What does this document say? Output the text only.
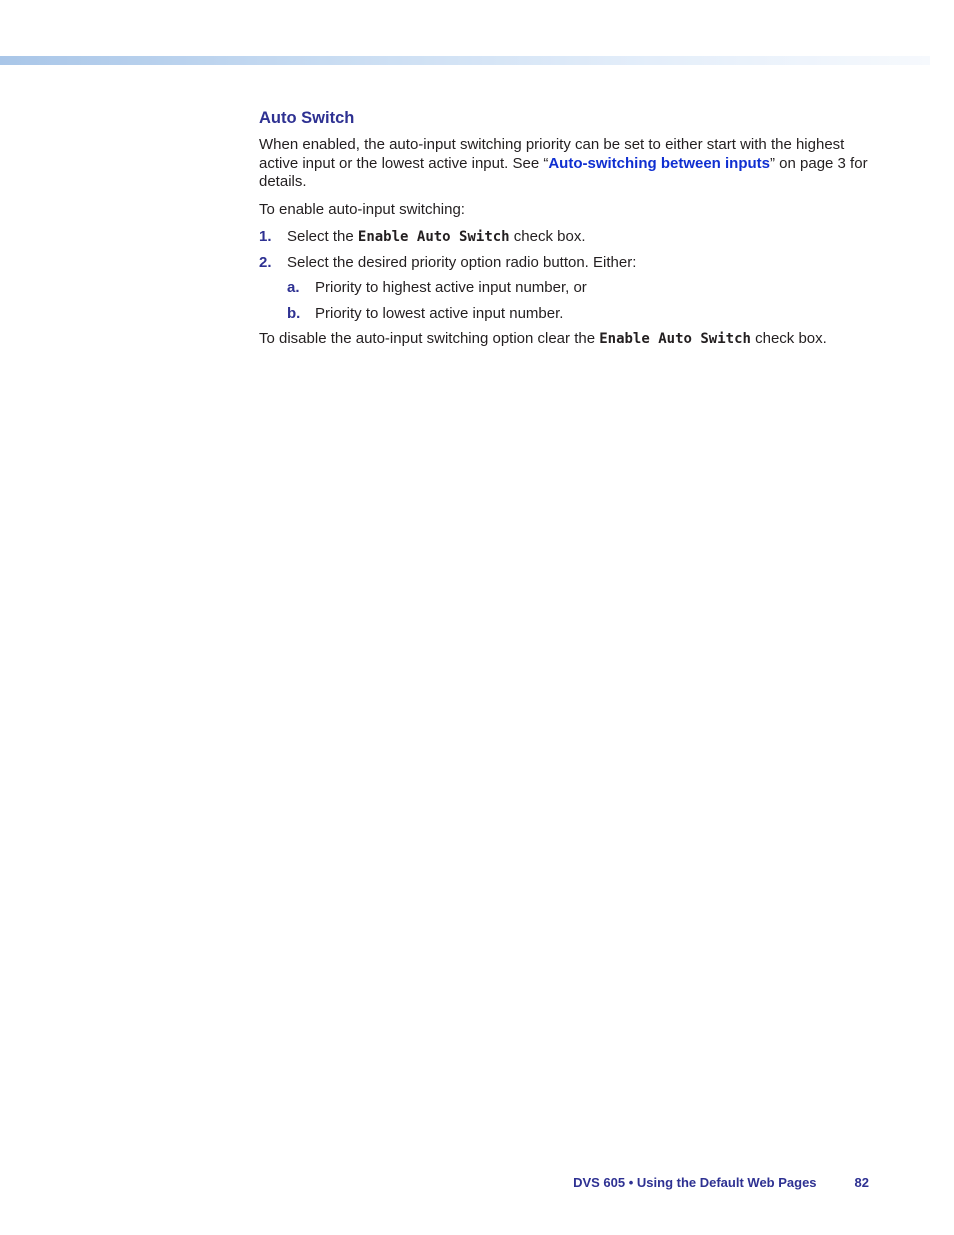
Auto Switch

When enabled, the auto-input switching priority can be set to either start with the highest active input or the lowest active input. See “Auto-switching between inputs” on page 3 for details.

To enable auto-input switching:

1. Select the Enable Auto Switch check box.
2. Select the desired priority option radio button. Either:
a. Priority to highest active input number, or
b. Priority to lowest active input number.

To disable the auto-input switching option clear the Enable Auto Switch check box.

DVS 605 • Using the Default Web Pages	82
